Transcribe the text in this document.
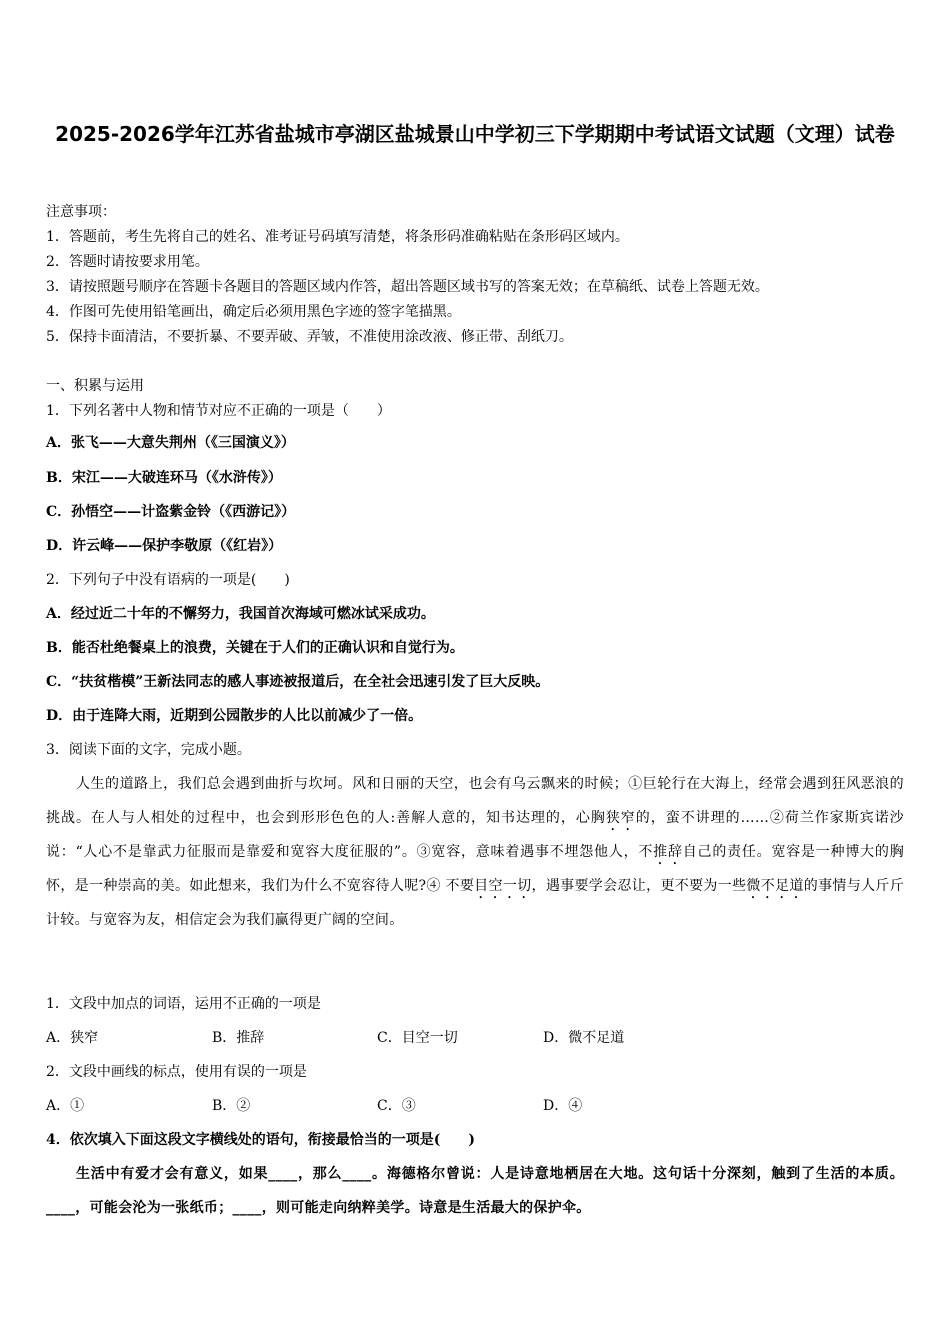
2025-2026学年江苏省盐城市亭湖区盐城景山中学初三下学期期中考试语文试题（文理）试卷
注意事项：
1．答题前，考生先将自己的姓名、准考证号码填写清楚，将条形码准确粘贴在条形码区域内。
2．答题时请按要求用笔。
3．请按照题号顺序在答题卡各题目的答题区域内作答，超出答题区域书写的答案无效；在草稿纸、试卷上答题无效。
4．作图可先使用铅笔画出，确定后必须用黑色字迹的签字笔描黑。
5．保持卡面清洁，不要折暴、不要弄破、弄皱，不准使用涂改液、修正带、刮纸刀。
一、积累与运用
1．下列名著中人物和情节对应不正确的一项是（　　）
A．张飞——大意失荆州（《三国演义》）
B．宋江——大破连环马（《水浒传》）
C．孙悟空——计盗紫金铃（《西游记》）
D．许云峰——保护李敬原（《红岩》）
2．下列句子中没有语病的一项是(　　)
A．经过近二十年的不懈努力，我国首次海域可燃冰试采成功。
B．能否杜绝餐桌上的浪费，关键在于人们的正确认识和自觉行为。
C．“扶贫楷模”王新法同志的感人事迹被报道后，在全社会迅速引发了巨大反映。
D．由于连降大雨，近期到公园散步的人比以前减少了一倍。
3．阅读下面的文字，完成小题。
人生的道路上，我们总会遇到曲折与坎坷。风和日丽的天空，也会有乌云飘来的时候；①巨轮行在大海上，经常会遇到狂风恶浪的挑战。在人与人相处的过程中，也会到形形色色的人:善解人意的，知书达理的，心胸狭窄的，蛮不讲理的……②荷兰作家斯宾诺沙说：“人心不是靠武力征服而是靠爱和宽容大度征服的”。③宽容，意味着遇事不埋怨他人，不推辞自己的责任。宽容是一种博大的胸怀，是一种崇高的美。如此想来，我们为什么不宽容待人呢?④ 不要目空一切，遇事要学会忍让，更不要为一些微不足道的事情与人斤斤计较。与宽容为友，相信定会为我们赢得更广阔的空间。
1．文段中加点的词语，运用不正确的一项是
A．狭窄	B．推辞	C．目空一切	D．微不足道
2．文段中画线的标点，使用有误的一项是
A．①	B．②	C．③	D．④
4．依次填入下面这段文字横线处的语句，衔接最恰当的一项是(　　)
生活中有爱才会有意义，如果____，那么____。海德格尔曾说：人是诗意地栖居在大地。这句话十分深刻，触到了生活的本质。____，可能会沦为一张纸币；____，则可能走向纳粹美学。诗意是生活最大的保护伞。
